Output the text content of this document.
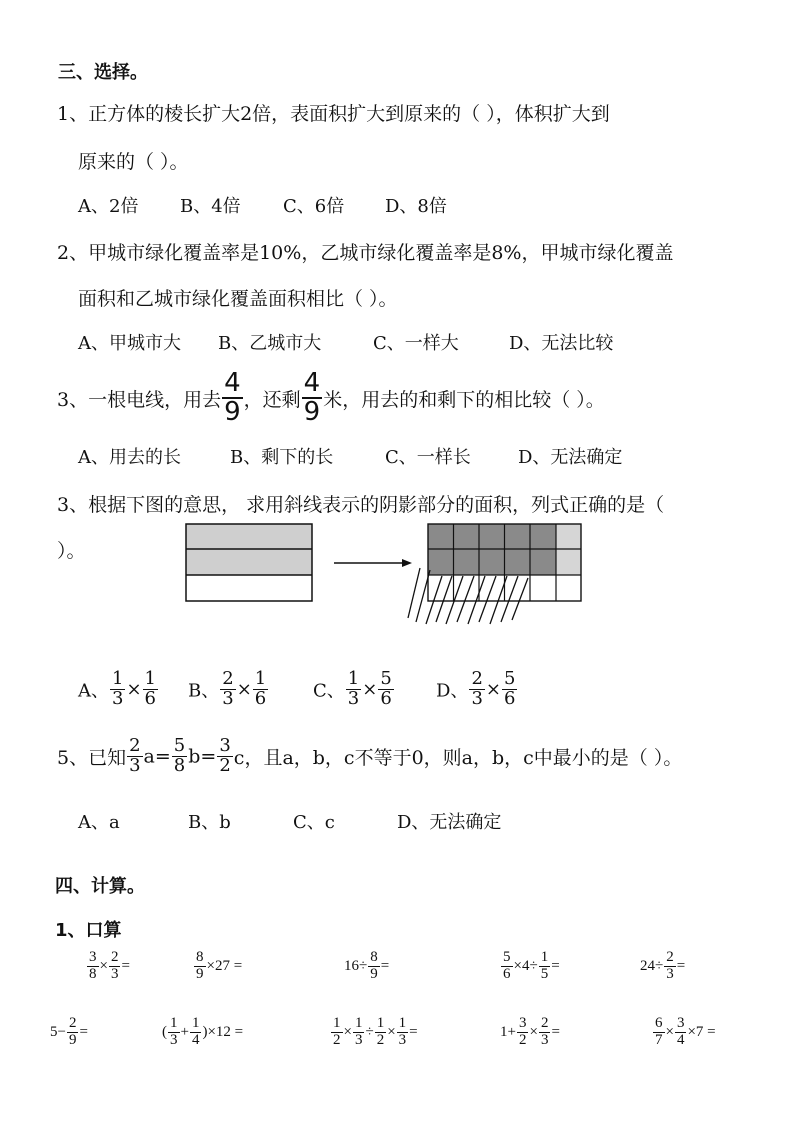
三、选择。
1、正方体的棱长扩大2倍，表面积扩大到原来的（ ），体积扩大到
原来的（ ）。
A、2倍 B、4倍 C、6倍 D、8倍
2、甲城市绿化覆盖率是10%，乙城市绿化覆盖率是8%，甲城市绿化覆盖
面积和乙城市绿化覆盖面积相比（ ）。
A、甲城市大 B、乙城市大	C、一样大	D、无法比较
3、一根电线，用去 $\frac{4}{9}$ ，还剩 $\frac{4}{9}$ 米，用去的和剩下的相比较（ ）。
A、用去的长	B、剩下的长	C、一样长	D、无法确定
3、根据下图的意思， 求用斜线表示的阴影部分的面积，列式正确的是（
）。
A、 $\frac{1}{3} \times \frac{1}{6}$ B、 $\frac{2}{3} \times \frac{1}{6}$ C、 $\frac{1}{3} \times \frac{5}{6}$ D、 $\frac{2}{3} \times \frac{5}{6}$
5、已知 $\frac{2}{3} a= \frac{5}{8} b= \frac{3}{2}$ c，且a，b，c不等于0，则a，b，c中最小的是（ ）。
A、a	B、b	C、c	D、无法确定
四、计算。
1、口算
$\frac{3}{8} \times \frac{2}{3}$ =	$\frac{8}{9} \times 27$ =	$16\div \frac{8}{9}$ =	$\frac{5}{6} \times 4\div \frac{1}{5}$ =	$24\div \frac{2}{3}$ =
$5- \frac{2}{9}$ =	( $\frac{1}{3} + \frac{1}{4} )\times 12$ =	$\frac{1}{2} \times \frac{1}{3} \div \frac{1}{2} \times \frac{1}{3}$ =	$1+ \frac{3}{2} \times \frac{2}{3}$ =	$\frac{6}{7} \times \frac{3}{4} \times 7$ =
